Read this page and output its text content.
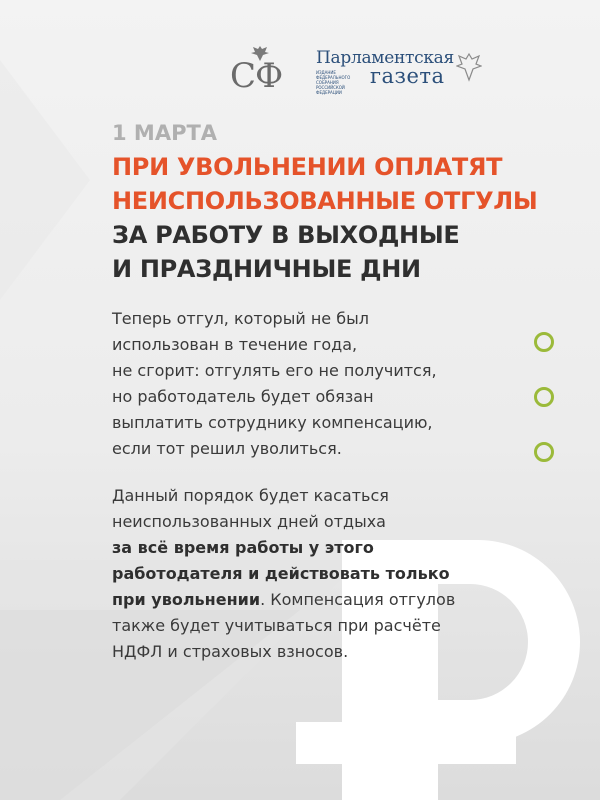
СФ Парламентская
ИЗДАНИЕ ФЕДЕРАЛЬНОГО СОБРАНИЯ РОССИЙСКОЙ ФЕДЕРАЦИИ
газета
1 МАРТА
ПРИ УВОЛЬНЕНИИ ОПЛАТЯТ
НЕИСПОЛЬЗОВАННЫЕ ОТГУЛЫ
ЗА РАБОТУ В ВЫХОДНЫЕ
И ПРАЗДНИЧНЫЕ ДНИ
Теперь отгул, который не был
использован в течение года,
не сгорит: отгулять его не получится,
но работодатель будет обязан
выплатить сотруднику компенсацию,
если тот решил уволиться.
Данный порядок будет касаться
неиспользованных дней отдыха
за всё время работы у этого
работодателя и действовать только
при увольнении. Компенсация отгулов
также будет учитываться при расчёте
НДФЛ и страховых взносов.
